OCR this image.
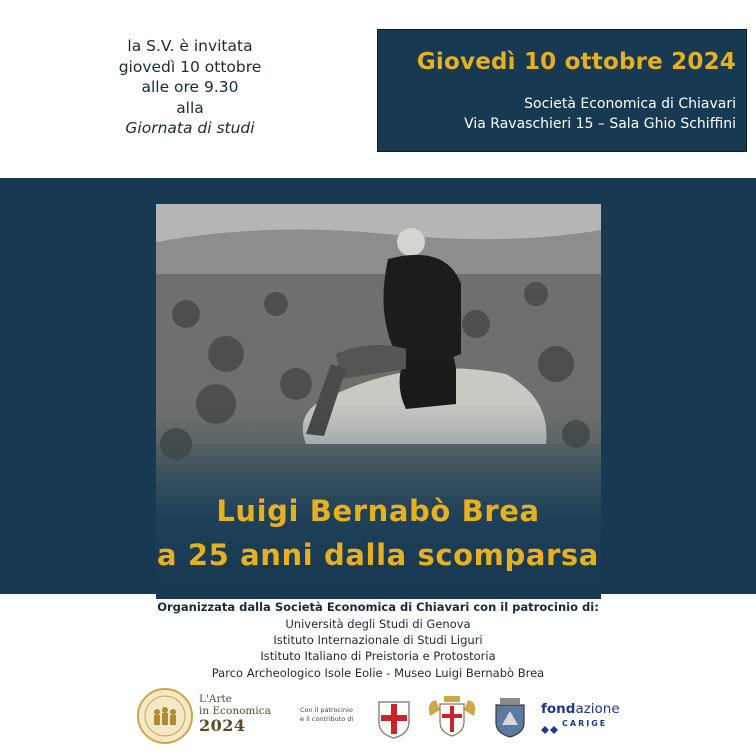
la S.V. è invitata
giovedì 10 ottobre
alle ore 9.30
alla
Giornata di studi
Giovedì 10 ottobre 2024
Società Economica di Chiavari
Via Ravaschieri 15 – Sala Ghio Schiffini
Luigi Bernabò Brea
a 25 anni dalla scomparsa
Organizzata dalla Società Economica di Chiavari con il patrocinio di:
Università degli Studi di Genova
Istituto Internazionale di Studi Liguri
Istituto Italiano di Preistoria e Protostoria
Parco Archeologico Isole Eolie - Museo Luigi Bernabò Brea
L'Arte
in Economica
2024
Con il patrocinio
e il contributo di
fondazione
CARIGE
